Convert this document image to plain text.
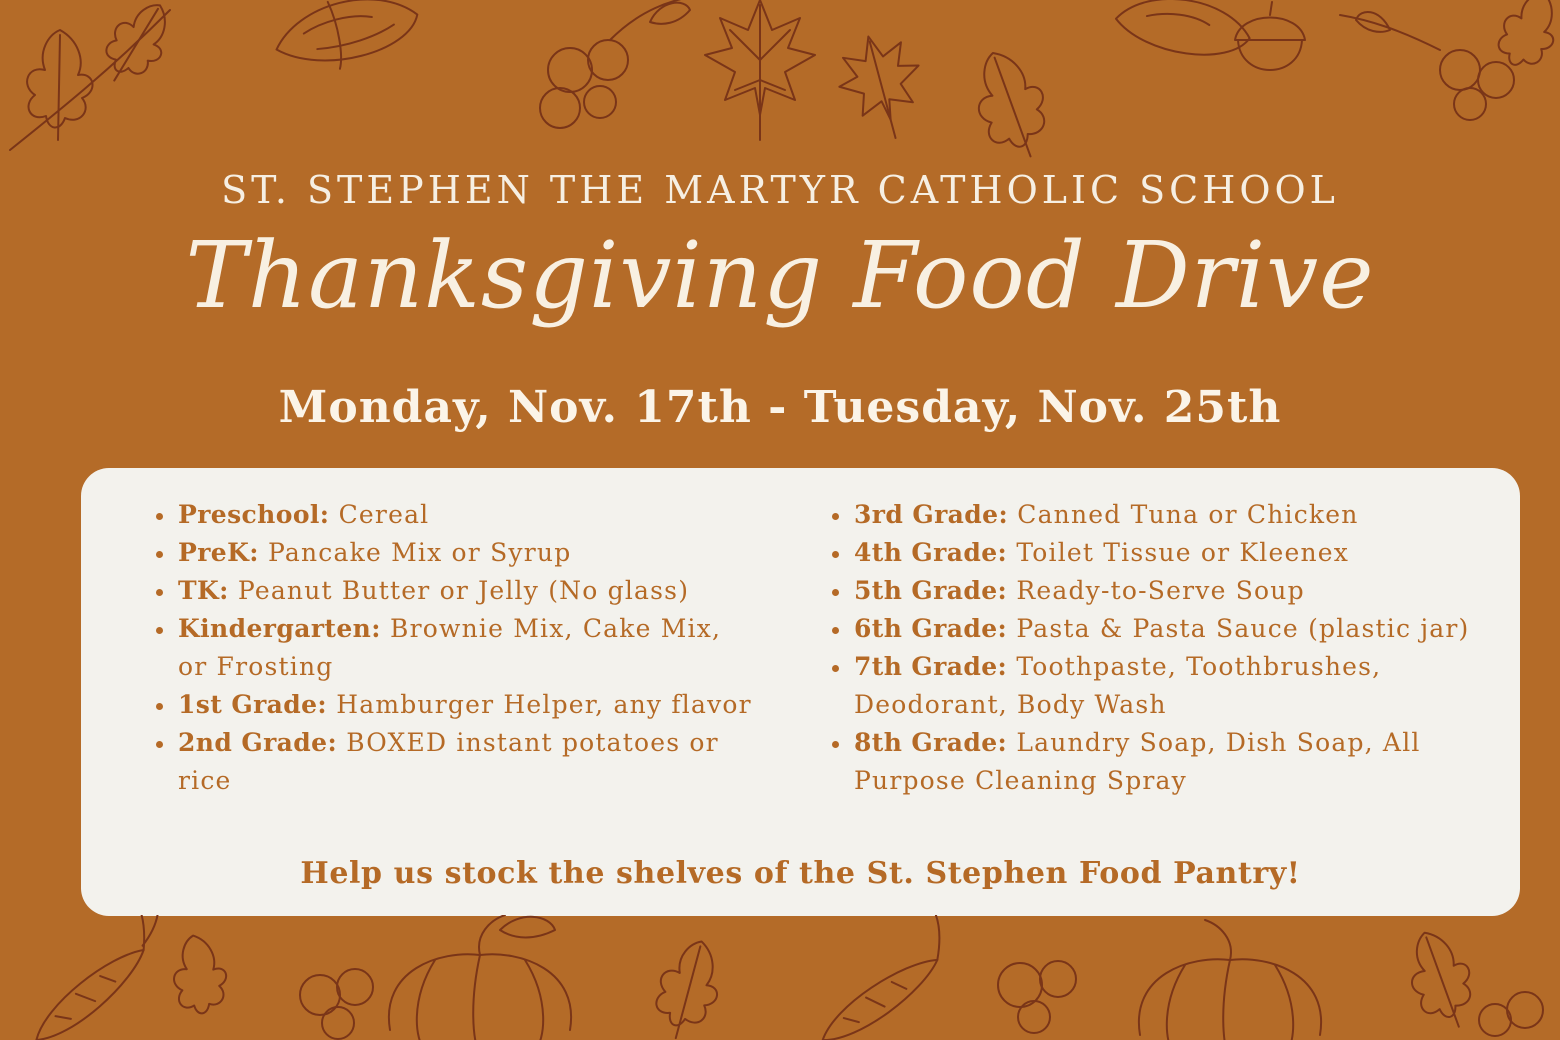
ST. STEPHEN THE MARTYR CATHOLIC SCHOOL
Thanksgiving Food Drive
Monday, Nov. 17th - Tuesday, Nov. 25th
Preschool: Cereal
PreK: Pancake Mix or Syrup
TK: Peanut Butter or Jelly (No glass)
Kindergarten: Brownie Mix, Cake Mix, or Frosting
1st Grade: Hamburger Helper, any flavor
2nd Grade: BOXED instant potatoes or rice
3rd Grade: Canned Tuna or Chicken
4th Grade: Toilet Tissue or Kleenex
5th Grade: Ready-to-Serve Soup
6th Grade: Pasta & Pasta Sauce (plastic jar)
7th Grade: Toothpaste, Toothbrushes, Deodorant, Body Wash
8th Grade: Laundry Soap, Dish Soap, All Purpose Cleaning Spray
Help us stock the shelves of the St. Stephen Food Pantry!
